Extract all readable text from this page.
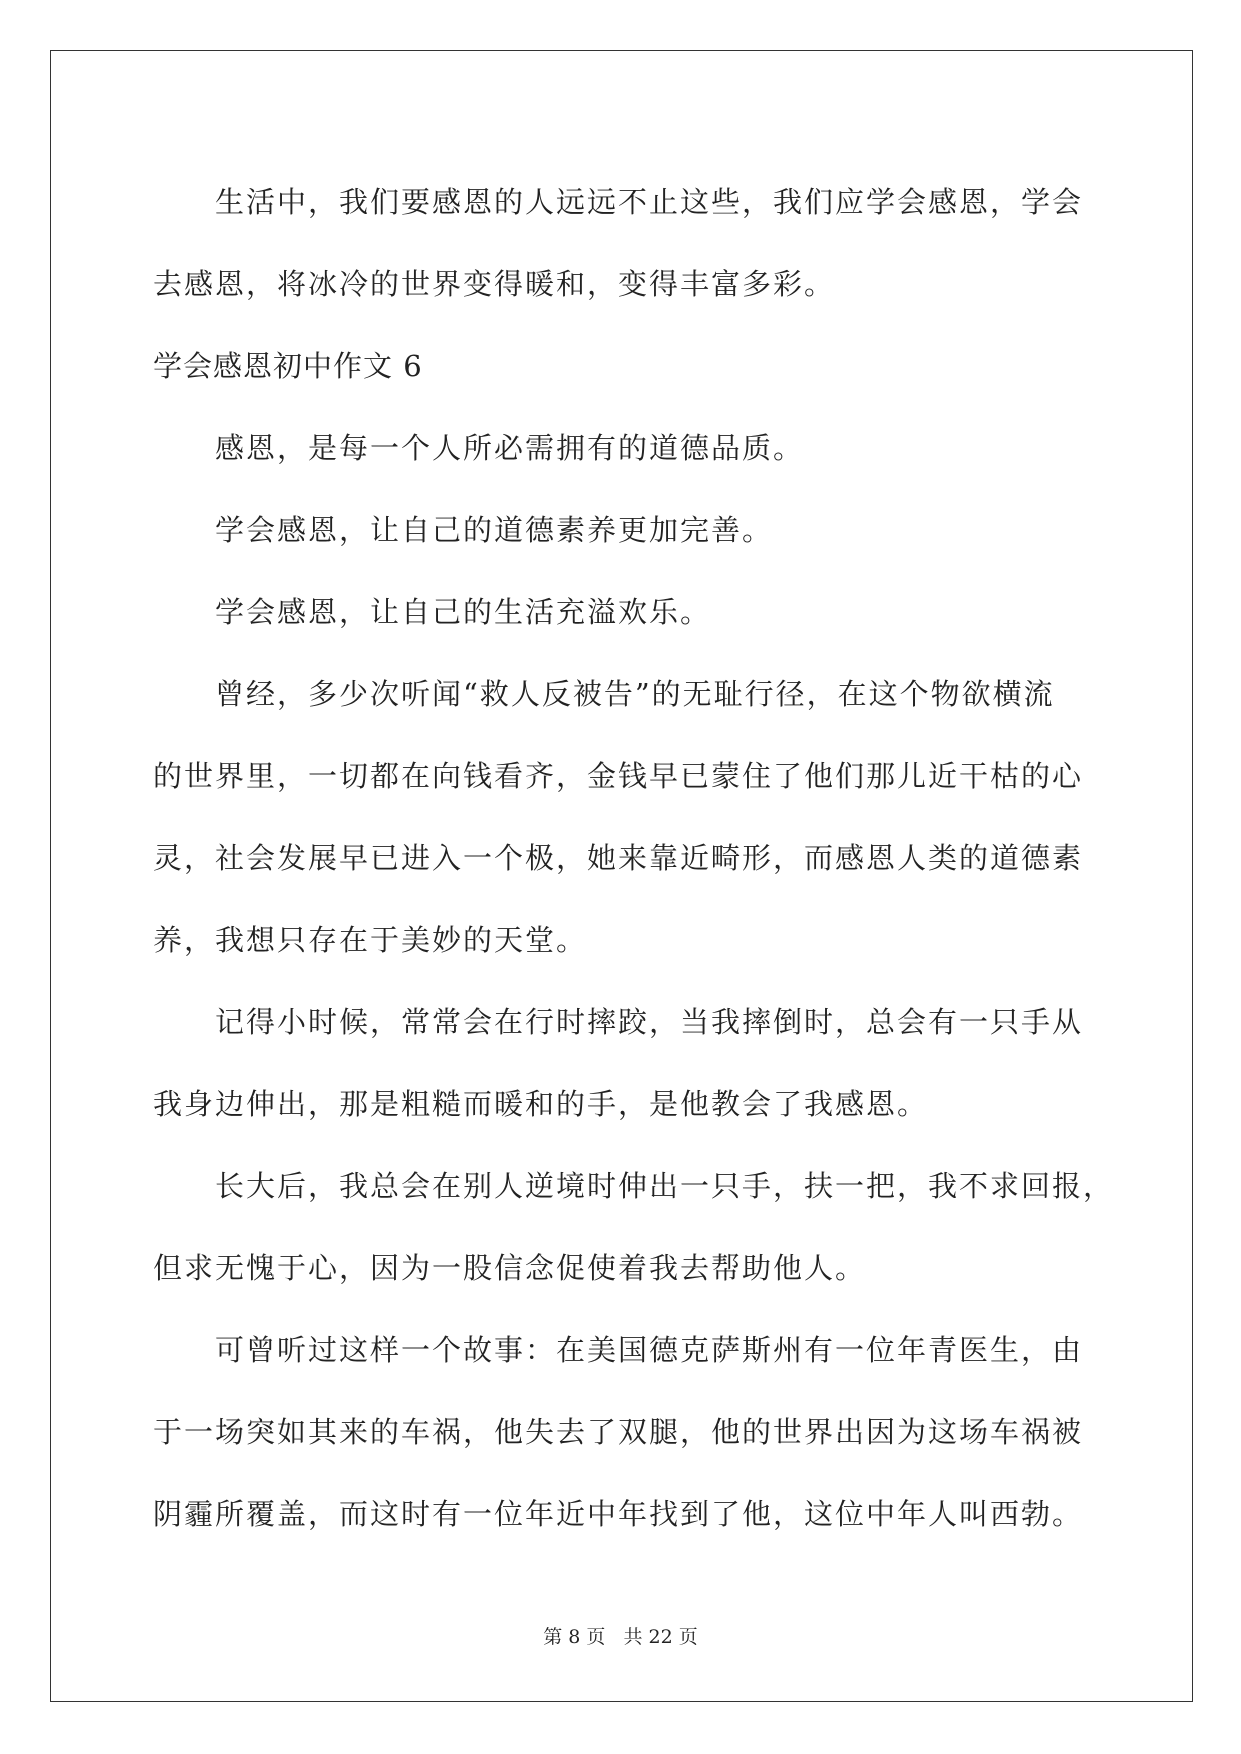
生活中，我们要感恩的人远远不止这些，我们应学会感恩，学会
去感恩，将冰冷的世界变得暖和，变得丰富多彩。
学会感恩初中作文 6
感恩，是每一个人所必需拥有的道德品质。
学会感恩，让自己的道德素养更加完善。
学会感恩，让自己的生活充溢欢乐。
曾经，多少次听闻“救人反被告”的无耻行径，在这个物欲横流
的世界里，一切都在向钱看齐，金钱早已蒙住了他们那儿近干枯的心
灵，社会发展早已进入一个极，她来靠近畸形，而感恩人类的道德素
养，我想只存在于美妙的天堂。
记得小时候，常常会在行时摔跤，当我摔倒时，总会有一只手从
我身边伸出，那是粗糙而暖和的手，是他教会了我感恩。
长大后，我总会在别人逆境时伸出一只手，扶一把，我不求回报，
但求无愧于心，因为一股信念促使着我去帮助他人。
可曾听过这样一个故事：在美国德克萨斯州有一位年青医生，由
于一场突如其来的车祸，他失去了双腿，他的世界出因为这场车祸被
阴霾所覆盖，而这时有一位年近中年找到了他，这位中年人叫西勃。
第 8 页 共 22 页
